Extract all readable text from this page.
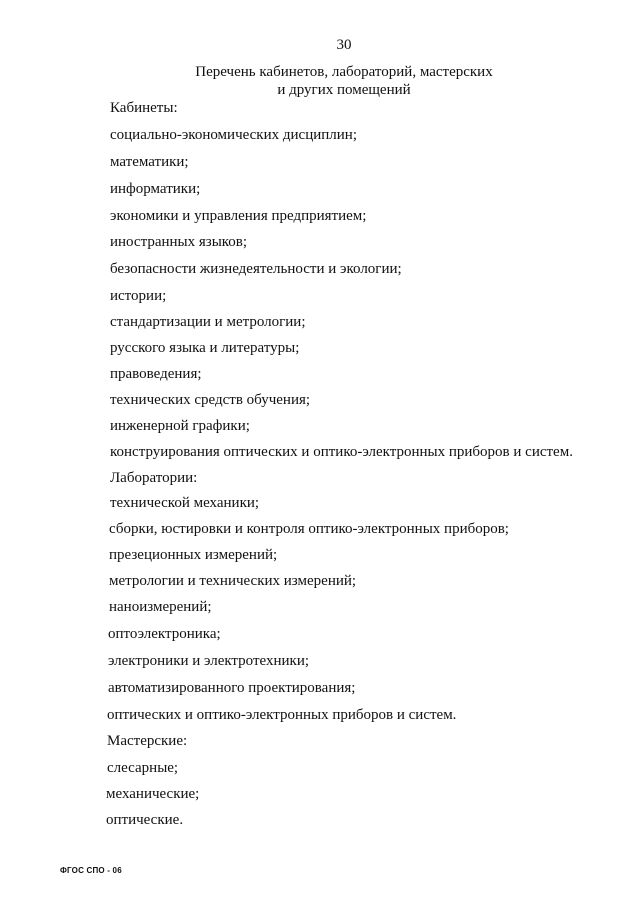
30
Перечень кабинетов, лабораторий, мастерских
и других помещений
Кабинеты:
социально-экономических дисциплин;
математики;
информатики;
экономики и управления предприятием;
иностранных языков;
безопасности жизнедеятельности и экологии;
истории;
стандартизации и метрологии;
русского языка и литературы;
правоведения;
технических средств обучения;
инженерной графики;
конструирования оптических и оптико-электронных приборов и систем.
Лаборатории:
технической механики;
сборки, юстировки и контроля оптико-электронных приборов;
презеционных измерений;
метрологии и технических измерений;
наноизмерений;
оптоэлектроника;
электроники и электротехники;
автоматизированного проектирования;
оптических и оптико-электронных приборов и систем.
Мастерские:
слесарные;
механические;
оптические.
ФГОС СПО - 06
